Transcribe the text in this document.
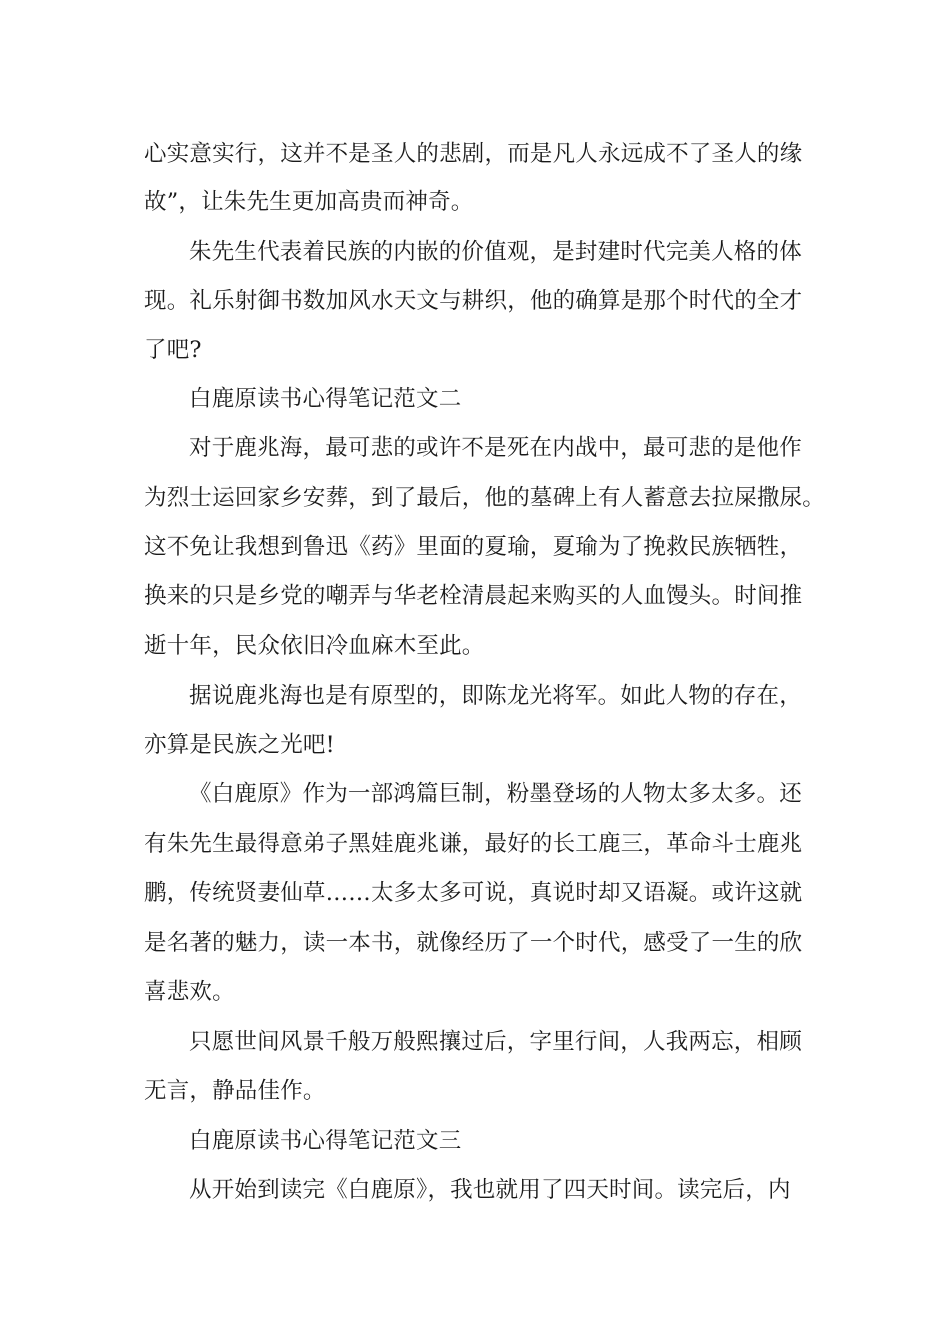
心实意实行，这并不是圣人的悲剧，而是凡人永远成不了圣人的缘
故”，让朱先生更加高贵而神奇。
朱先生代表着民族的内嵌的价值观，是封建时代完美人格的体
现。礼乐射御书数加风水天文与耕织，他的确算是那个时代的全才
了吧?
白鹿原读书心得笔记范文二
对于鹿兆海，最可悲的或许不是死在内战中，最可悲的是他作
为烈士运回家乡安葬，到了最后，他的墓碑上有人蓄意去拉屎撒尿。
这不免让我想到鲁迅《药》里面的夏瑜，夏瑜为了挽救民族牺牲，
换来的只是乡党的嘲弄与华老栓清晨起来购买的人血馒头。时间推
逝十年，民众依旧冷血麻木至此。
据说鹿兆海也是有原型的，即陈龙光将军。如此人物的存在，
亦算是民族之光吧!
《白鹿原》作为一部鸿篇巨制，粉墨登场的人物太多太多。还
有朱先生最得意弟子黑娃鹿兆谦，最好的长工鹿三，革命斗士鹿兆
鹏，传统贤妻仙草……太多太多可说，真说时却又语凝。或许这就
是名著的魅力，读一本书，就像经历了一个时代，感受了一生的欣
喜悲欢。
只愿世间风景千般万般熙攘过后，字里行间，人我两忘，相顾
无言，静品佳作。
白鹿原读书心得笔记范文三
从开始到读完《白鹿原》，我也就用了四天时间。读完后，内
